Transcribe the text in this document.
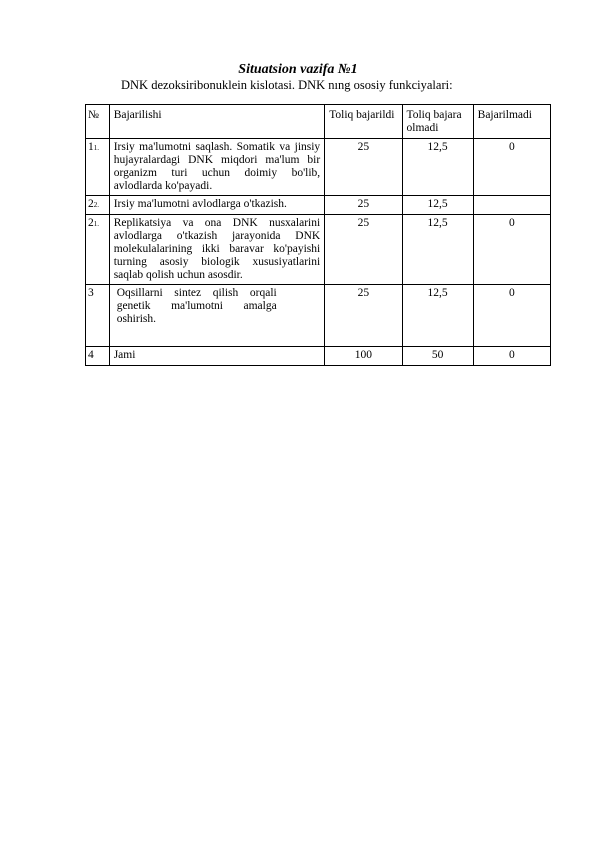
Situatsion vazifa №1
DNK dezoksiribonuklein kislotasi. DNK nıng ososiy funkciyalari:
№	Bajarilishi	Toliq bajarildi	Toliq bajara olmadi	Bajarilmadi
11.	Irsiy ma'lumotni saqlash. Somatik va jinsiy hujayralardagi DNK miqdori ma'lum bir organizm turi uchun doimiy bo'lib, avlodlarda ko'payadi.	25	12,5	0
22.	Irsiy ma'lumotni avlodlarga o'tkazish.	25	12,5	
21.	Replikatsiya va ona DNK nusxalarini avlodlarga o'tkazish jarayonida DNK molekulalarining ikki baravar ko'payishi turning asosiy biologik xususiyatlarini saqlab qolish uchun asosdir.	25	12,5	0
3	Oqsillarni sintez qilish orqali genetik ma'lumotni amalga oshirish.	25	12,5	0
4	Jami	100	50	0
